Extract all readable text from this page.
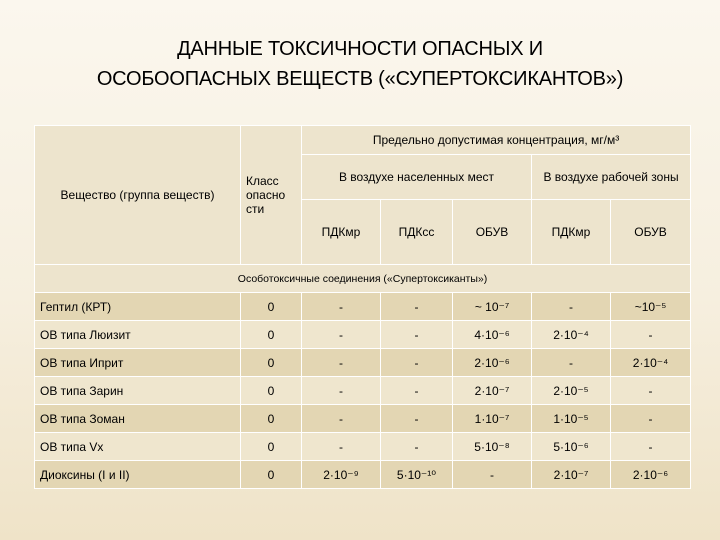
ДАННЫЕ ТОКСИЧНОСТИ ОПАСНЫХ И
ОСОБООПАСНЫХ ВЕЩЕСТВ («СУПЕРТОКСИКАНТОВ»)
Вещество (группа веществ)	Класс опасно сти	Предельно допустимая концентрация, мг/м³				
		В воздухе населенных мест			В воздухе рабочей зоны	
		ПДКмр	ПДКсс	ОБУВ	ПДКмр	ОБУВ
Особотоксичные соединения («Супертоксиканты»)						
Гептил (КРТ)	0	-	-	~ 10⁻⁷	-	~10⁻⁵
ОВ типа Люизит	0	-	-	4·10⁻⁶	2·10⁻⁴	-
ОВ типа Иприт	0	-	-	2·10⁻⁶	-	2·10⁻⁴
ОВ типа Зарин	0	-	-	2·10⁻⁷	2·10⁻⁵	-
ОВ типа Зоман	0	-	-	1·10⁻⁷	1·10⁻⁵	-
ОВ типа Vx	0	-	-	5·10⁻⁸	5·10⁻⁶	-
Диоксины (I и II)	0	2·10⁻⁹	5·10⁻¹⁰	-	2·10⁻⁷	2·10⁻⁶
